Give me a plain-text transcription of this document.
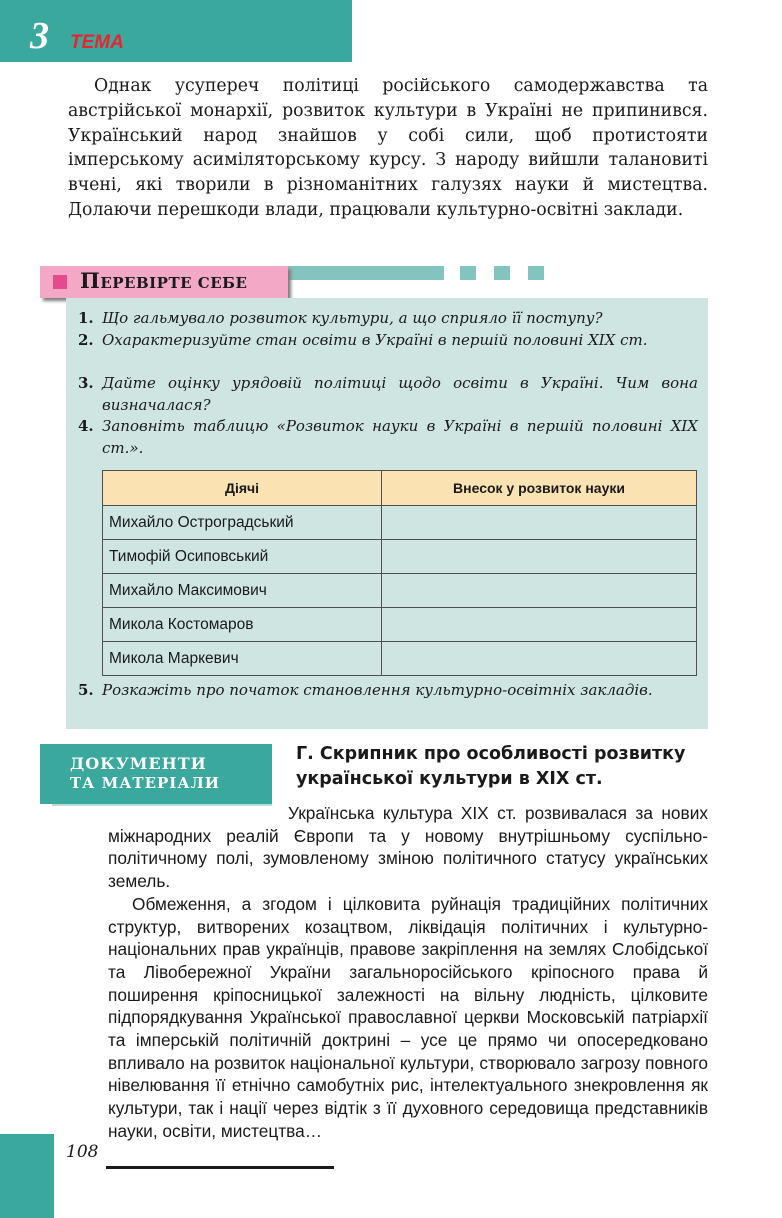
3 ТЕМА

Однак усупереч політиці російського самодержавства та австрійської монархії, розвиток культури в Україні не припинився. Український народ знайшов у собі сили, щоб протистояти імперському асиміляторському курсу. З народу вийшли талановиті вчені, які творили в різноманітних галузях науки й мистецтва. Долаючи перешкоди влади, працювали культурно-освітні заклади.

ПЕРЕВІРТЕ СЕБЕ
1. Що гальмувало розвиток культури, а що сприяло її поступу?
2. Охарактеризуйте стан освіти в Україні в першій половині XIX ст.
3. Дайте оцінку урядовій політиці щодо освіти в Україні. Чим вона визначалася?
4. Заповніть таблицю «Розвиток науки в Україні в першій половині XIX ст.».
5. Розкажіть про початок становлення культурно-освітніх закладів.
Діячі	Внесок у розвиток науки
Михайло Остроградський	
Тимофій Осиповський	
Михайло Максимович	
Микола Костомаров	
Микола Маркевич	
ДОКУМЕНТИ
ТА МАТЕРІАЛИ
Г. Скрипник про особливості розвитку української культури в XIX ст.

Українська культура XIX ст. розвивалася за нових міжнародних реалій Європи та у новому внутрішньому суспільно-політичному полі, зумовленому зміною політичного статусу українських земель.

Обмеження, а згодом і цілковита руйнація традиційних політичних структур, витворених козацтвом, ліквідація політичних і культурно-національних прав українців, правове закріплення на землях Слобідської та Лівобережної України загальноросійського кріпосного права й поширення кріпосницької залежності на вільну людність, цілковите підпорядкування Української православної церкви Московській патріархії та імперській політичній доктрині – усе це прямо чи опосередковано впливало на розвиток національної культури, створювало загрозу повного нівелювання її етнічно самобутніх рис, інтелектуального знекровлення як культури, так і нації через відтік з її духовного середовища представників науки, освіти, мистецтва…

108
